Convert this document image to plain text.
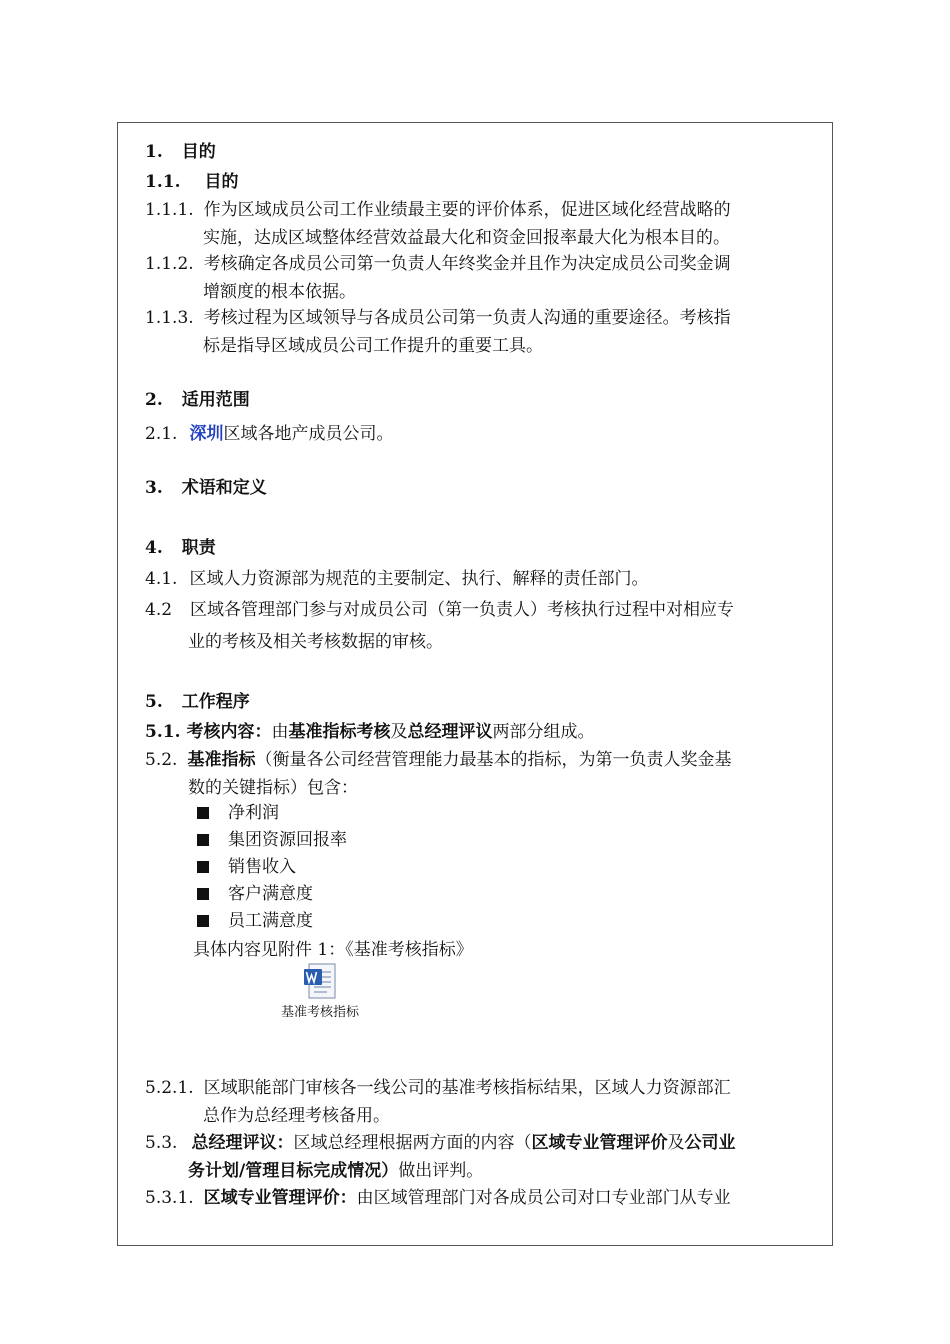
1. 目的
1.1. 目的
1.1.1. 作为区域成员公司工作业绩最主要的评价体系，促进区域化经营战略的
实施，达成区域整体经营效益最大化和资金回报率最大化为根本目的。
1.1.2. 考核确定各成员公司第一负责人年终奖金并且作为决定成员公司奖金调
增额度的根本依据。
1.1.3. 考核过程为区域领导与各成员公司第一负责人沟通的重要途径。考核指
标是指导区域成员公司工作提升的重要工具。
2. 适用范围
2.1. 深圳区域各地产成员公司。
3. 术语和定义
4. 职责
4.1. 区域人力资源部为规范的主要制定、执行、解释的责任部门。
4.2 区域各管理部门参与对成员公司（第一负责人）考核执行过程中对相应专
业的考核及相关考核数据的审核。
5. 工作程序
5.1. 考核内容：由基准指标考核及总经理评议两部分组成。
5.2. 基准指标（衡量各公司经营管理能力最基本的指标，为第一负责人奖金基
数的关键指标）包含：
净利润
集团资源回报率
销售收入
客户满意度
员工满意度
具体内容见附件 1：《基准考核指标》
基准考核指标
5.2.1. 区域职能部门审核各一线公司的基准考核指标结果，区域人力资源部汇
总作为总经理考核备用。
5.3. 总经理评议：区域总经理根据两方面的内容（区域专业管理评价及公司业
务计划/管理目标完成情况）做出评判。
5.3.1. 区域专业管理评价：由区域管理部门对各成员公司对口专业部门从专业
